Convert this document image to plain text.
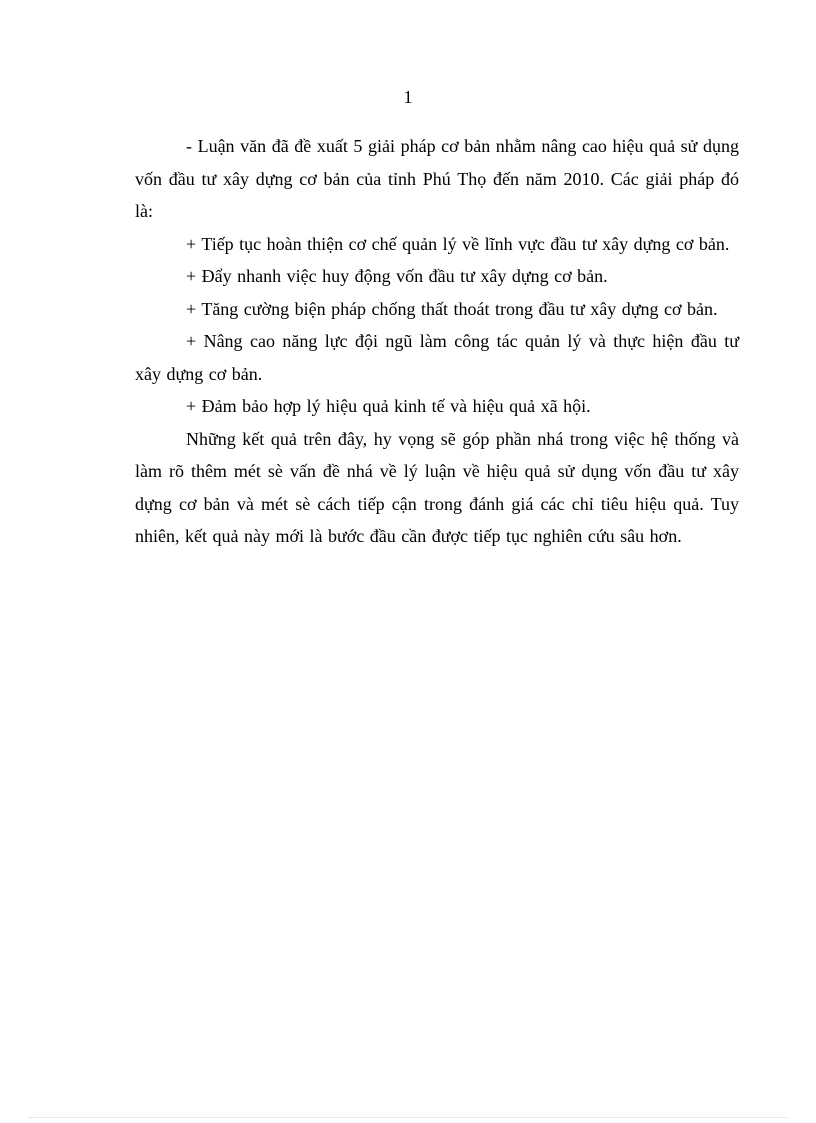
1

- Luận văn đã đề xuất 5 giải pháp cơ bản nhằm nâng cao hiệu quả sử dụng vốn đầu tư xây dựng cơ bản của tỉnh Phú Thọ đến năm 2010. Các giải pháp đó là:

+ Tiếp tục hoàn thiện cơ chế quản lý về lĩnh vực đầu tư xây dựng cơ bản.

+ Đẩy nhanh việc huy động vốn đầu tư xây dựng cơ bản.

+ Tăng cường biện pháp chống thất thoát trong đầu tư xây dựng cơ bản.

+ Nâng cao năng lực đội ngũ làm công tác quản lý và thực hiện đầu tư xây dựng cơ bản.

+ Đảm bảo hợp lý hiệu quả kinh tế và hiệu quả xã hội.

Những kết quả trên đây, hy vọng sẽ góp phần nhá trong việc hệ thống và làm rõ thêm mét sè vấn đề nhá về lý luận về hiệu quả sử dụng vốn đầu tư xây dựng cơ bản và mét sè cách tiếp cận trong đánh giá các chỉ tiêu hiệu quả. Tuy nhiên, kết quả này mới là bước đầu cần được tiếp tục nghiên cứu sâu hơn.
